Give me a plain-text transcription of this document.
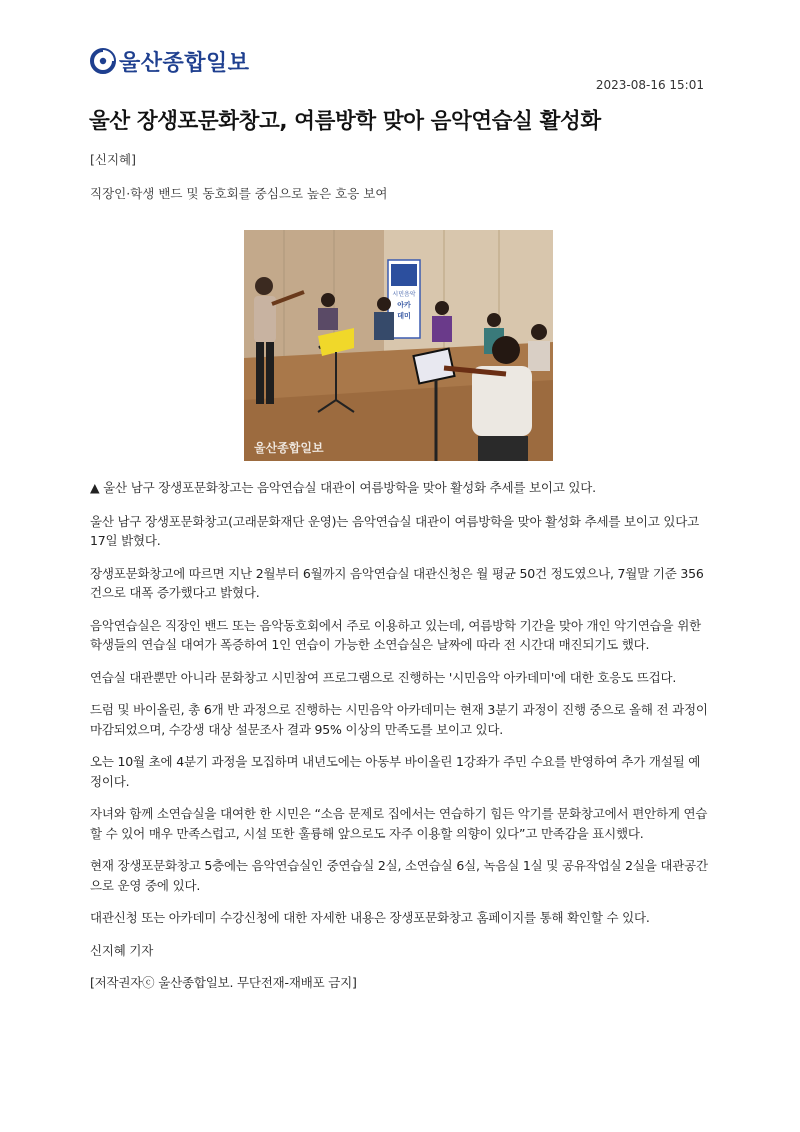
울산종합일보
2023-08-16 15:01
울산 장생포문화창고, 여름방학 맞아 음악연습실 활성화
[신지혜]
직장인·학생 밴드 및 동호회를 중심으로 높은 호응 보여
시민음악
아카
데미
울산종합일보

▲ 울산 남구 장생포문화창고는 음악연습실 대관이 여름방학을 맞아 활성화 추세를 보이고 있다.

울산 남구 장생포문화창고(고래문화재단 운영)는 음악연습실 대관이 여름방학을 맞아 활성화 추세를 보이고 있다고 17일 밝혔다.

장생포문화창고에 따르면 지난 2월부터 6월까지 음악연습실 대관신청은 월 평균 50건 정도였으나, 7월말 기준 356건으로 대폭 증가했다고 밝혔다.

음악연습실은 직장인 밴드 또는 음악동호회에서 주로 이용하고 있는데, 여름방학 기간을 맞아 개인 악기연습을 위한 학생들의 연습실 대여가 폭증하여 1인 연습이 가능한 소연습실은 날짜에 따라 전 시간대 매진되기도 했다.

연습실 대관뿐만 아니라 문화창고 시민참여 프로그램으로 진행하는 '시민음악 아카데미'에 대한 호응도 뜨겁다.

드럼 및 바이올린, 총 6개 반 과정으로 진행하는 시민음악 아카데미는 현재 3분기 과정이 진행 중으로 올해 전 과정이 마감되었으며, 수강생 대상 설문조사 결과 95% 이상의 만족도를 보이고 있다.

오는 10월 초에 4분기 과정을 모집하며 내년도에는 아동부 바이올린 1강좌가 주민 수요를 반영하여 추가 개설될 예정이다.

자녀와 함께 소연습실을 대여한 한 시민은 “소음 문제로 집에서는 연습하기 힘든 악기를 문화창고에서 편안하게 연습할 수 있어 매우 만족스럽고, 시설 또한 훌륭해 앞으로도 자주 이용할 의향이 있다”고 만족감을 표시했다.

현재 장생포문화창고 5층에는 음악연습실인 중연습실 2실, 소연습실 6실, 녹음실 1실 및 공유작업실 2실을 대관공간으로 운영 중에 있다.

대관신청 또는 아카데미 수강신청에 대한 자세한 내용은 장생포문화창고 홈페이지를 통해 확인할 수 있다.

신지혜 기자

[저작권자ⓒ 울산종합일보. 무단전재-재배포 금지]
